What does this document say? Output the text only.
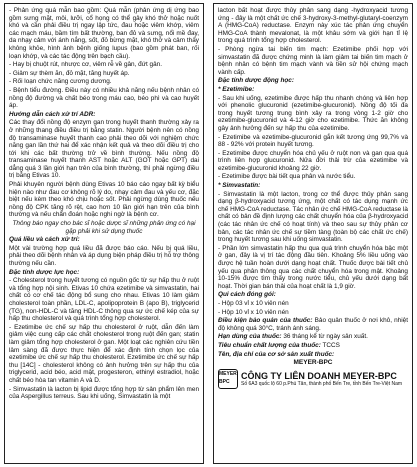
- Phản ứng quá mẫn bao gồm: Quá mẫn (phản ứng dị ứng bao gồm sưng mặt, môi, lưỡi, cổ họng có thể gây khó thở hoặc nuốt khó và cần phải điều trị ngay lập tức, đau hoặc viêm khớp, viêm các mạch máu, bầm tím bất thường, ban đỏ và sưng, nổi mề đay, da nhạy cảm với ánh nắng, sốt, đỏ bừng mặt, khó thở và cảm thấy không khỏe, hình ảnh bệnh giống lupus (bao gồm phát ban, rối loạn khớp, và các tác động trên bạch cầu).

- Hay bị chuột rút, nhược cơ, viêm rễ về gân, đứt gân.

- Giảm sự thèm ăn, đỏ mặt, tăng huyết áp.

- Rối loạn chức năng cương dương.

- Bệnh tiểu đường. Điều này có nhiều khả năng nếu bệnh nhân có nồng độ đường và chất béo trong máu cao, béo phì và cao huyết áp.

Hướng dẫn cách xử trí ADR:

Các thay đổi nồng độ enzym gan trong huyết thanh thường xảy ra ở những thang điều điều trị bằng statin. Người bệnh nên có nồng độ transaminase huyết thanh cao phải theo dõi với nghiệm chức năng gan lần thứ hai để xác nhận kết quả và theo dõi điều trị cho tới khi các bất thường trở về bình thường. Nếu nồng độ transaminase huyết thanh AST hoặc ALT (GOT hoặc GPT) dai dẳng quá 3 lần giới hạn trên của bình thường, thì phải ngừng điều trị bằng Etivas 10.

Phải khuyên người bệnh dùng Etivas 10 báo cáo ngay bất kỳ biểu hiện nào như đau cơ không rõ lý do, nhạy cảm đau và yếu cơ, đặc biệt nếu kèm theo khó chịu hoặc sốt. Phải ngừng dùng thuốc nếu nồng độ CPK tăng rõ rệt, cao hơn 10 lần giới hạn trên của bình thường và nếu chẩn đoán hoặc nghi ngờ là bệnh cơ.

Thông báo ngay cho bác sĩ hoặc dược sĩ những phản ứng có hại gặp phải khi sử dụng thuốc

Quá liều và cách xử trí:

Một vài trường hợp quá liều đã được báo cáo. Nếu bị quá liều, phải theo dõi bệnh nhân và áp dụng biện pháp điều trị hỗ trợ thông thường nếu cần.

Đặc tính dược lực học:

- Cholesterol trong huyết tương có nguồn gốc từ sự hấp thu ở ruột và tổng hợp nội sinh. Etivas 10 chứa ezetimibe và simvastatin, hai chất có cơ chế tác động bổ sung cho nhau. Etivas 10 làm giảm cholesterol toàn phần, LDL-C, apolipoprotein B (apo B), triglycerid (TG), non-HDL-C và tăng HDL-C thông qua sự ức chế kép của sự hấp thu cholesterol và quá trình tổng hợp cholesterol.

- Ezetimibe ức chế sự hấp thu cholesterol ở ruột, dẫn đến làm giảm việc cung cấp các chất cholesterol trong ruột đến gan; statin làm giảm tổng hợp cholesterol ở gan. Một loạt các nghiên cứu tiền lâm sàng đã được thực hiện để xác định tính chọn lọc của ezetimibe ức chế sự hấp thu cholesterol. Ezetimibe ức chế sự hấp thu [14C] - cholesterol không có ảnh hưởng trên sự hấp thu của triglycerid, acid béo, acid mật, progesteron, ethinyl estradiol, hoặc chất béo hòa tan vitamin A và D.

- Simvastatin là lacton bị lipid được tổng hợp từ sản phẩm lên men của Aspergillus terreus. Sau khi uống, Simvastatin là một

lacton bất hoạt được thủy phân sang dạng -hydroxyacid tương ứng - đây là một chất ức chế 3-hydroxy-3-methyl-glutaryl-coenzym A (HMG-CoA) reductase. Enzym này xúc tác phản ứng chuyển HMG-CoA thành mevalonat, là một khâu sớm và giới hạn tỉ lệ trong quá trình tổng hợp cholesterol.

- Phòng ngừa tai biến tim mạch: Ezetimibe phối hợp với simvastatin đã được chứng minh là làm giảm tai biến tim mạch ở bệnh nhân có bệnh tim mạch vành và tiền sử hội chứng mạch vành cấp.

Đặc tính dược động học:

* Ezetimibe:

- Sau khi uống, ezetimibe được hấp thu nhanh chóng và liên hợp với phenolic glucuronid (ezetimibe-glucuronid). Nồng độ tối đa trong huyết tương trung bình xảy ra trong vòng 1-2 giờ cho ezetimibe-glucuronid và 4-12 giờ cho ezetimibe. Thức ăn không gây ảnh hưởng đến sự hấp thu của ezetimibe.

- Ezetimibe và ezetimibe-glucuronid gắn kết tương ứng 99,7% và 88 - 92% với protein huyết tương.

- Ezetimibe được chuyển hóa chủ yếu ở ruột non và gan qua quá trình liên hợp glucuronid. Nửa đời thải trừ của ezetimibe và ezetimibe-glucuronid khoảng 22 giờ.

- Ezetimibe được bài tiết qua phân và nước tiểu.

* Simvastatin:

- Simvastatin là một lacton, trong cơ thể được thủy phân sang dạng β-hydroxyacid tương ứng, một chất có tác dụng mạnh ức chế HMG-CoA reductase. Tác nhân ức chế HMG-CoA reductase là chất có bản đề định lượng các chất chuyển hóa của β-hydroxyacid (các tác nhân ức chế có hoạt tính) và theo sau sự thủy phân cơ bản, các tác nhân ức chế sự tiềm tàng (toàn bộ các chất ức chế) trong huyết tương sau khi uống simvastatin.

- Phần lớn simvastatin hấp thu qua quá trình chuyển hóa bậc một ở gan, đây là vị trí tác động đầu tiên. Khoảng 5% liều uống vào được hệ tuần hoàn dưới dạng hoạt chất. Thuốc được bài tiết chủ yếu qua phân thông qua các chất chuyển hóa trong mật. Khoảng 10-15% được tìm thấy trong nước tiểu, chủ yếu dưới dạng bất hoạt. Thời gian bán thải của hoạt chất là 1,9 giờ.

Qui cách đóng gói:

- Hộp 03 vỉ x 10 viên nén

- Hộp 10 vỉ x 10 viên nén

Điều kiện bảo quản của thuốc: Bảo quản thuốc ở nơi khô, nhiệt độ không quá 30°C, tránh ánh sáng.

Hạn dùng của thuốc: 36 tháng kể từ ngày sản xuất.

Tiêu chuẩn chất lượng của thuốc: TCCS

Tên, địa chỉ của cơ sở sản xuất thuốc:

MEYER-BPC
MEYER BPC
CÔNG TY LIÊN DOANH MEYER-BPC
Số 6A3 quốc lộ 60 p.Phú Tân, thành phố Bến Tre, tỉnh Bến Tre-Việt Nam
